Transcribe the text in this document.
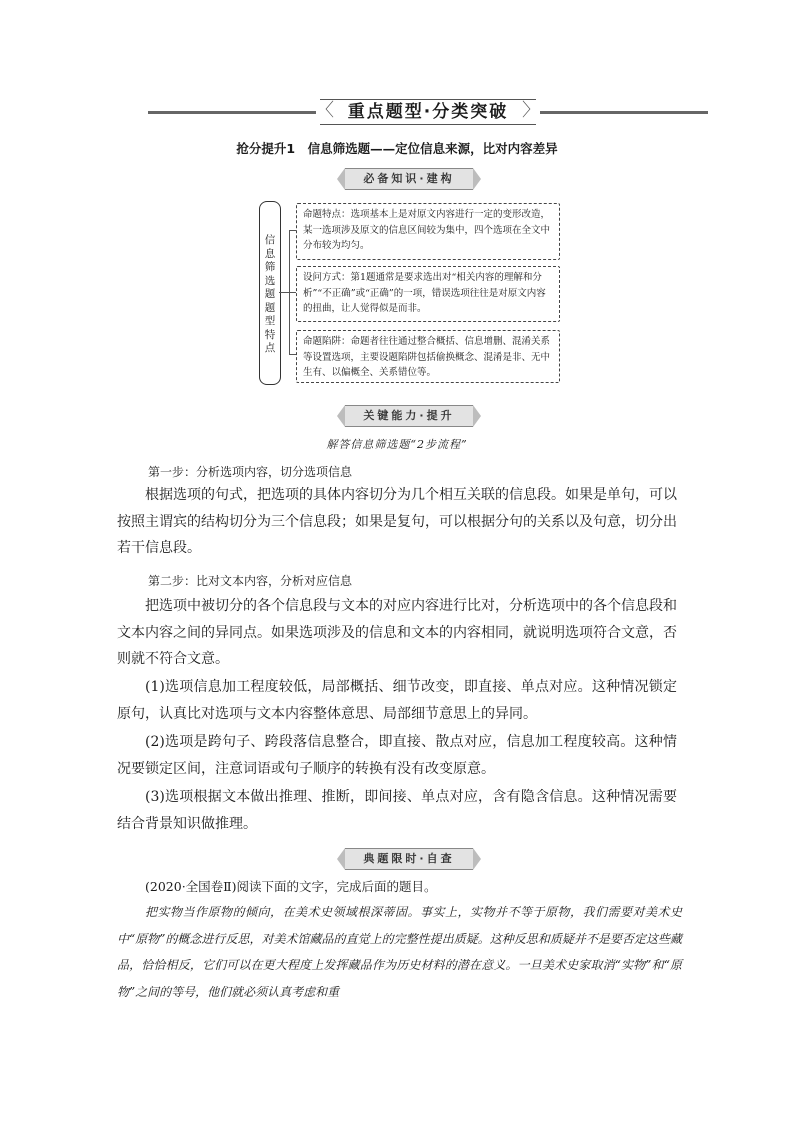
重点题型·分类突破
〈	〉
抢分提升1　信息筛选题——定位信息来源，比对内容差异
必备知识·建构
信息筛选题题型特点
命题特点：选项基本上是对原文内容进行一定的变形改造，某一选项涉及原文的信息区间较为集中，四个选项在全文中分布较为均匀。
设问方式：第1题通常是要求选出对“相关内容的理解和分析”“不正确”或“正确”的一项，错误选项往往是对原文内容的扭曲，让人觉得似是而非。
命题陷阱：命题者往往通过整合概括、信息增删、混淆关系等设置选项，主要设题陷阱包括偷换概念、混淆是非、无中生有、以偏概全、关系错位等。
关键能力·提升
解答信息筛选题“2步流程”
第一步：分析选项内容，切分选项信息
根据选项的句式，把选项的具体内容切分为几个相互关联的信息段。如果是单句，可以按照主谓宾的结构切分为三个信息段；如果是复句，可以根据分句的关系以及句意，切分出若干信息段。
第二步：比对文本内容，分析对应信息
把选项中被切分的各个信息段与文本的对应内容进行比对，分析选项中的各个信息段和文本内容之间的异同点。如果选项涉及的信息和文本的内容相同，就说明选项符合文意，否则就不符合文意。
(1)选项信息加工程度较低，局部概括、细节改变，即直接、单点对应。这种情况锁定原句，认真比对选项与文本内容整体意思、局部细节意思上的异同。
(2)选项是跨句子、跨段落信息整合，即直接、散点对应，信息加工程度较高。这种情况要锁定区间，注意词语或句子顺序的转换有没有改变原意。
(3)选项根据文本做出推理、推断，即间接、单点对应，含有隐含信息。这种情况需要结合背景知识做推理。
典题限时·自查
(2020·全国卷Ⅱ)阅读下面的文字，完成后面的题目。
把实物当作原物的倾向，在美术史领域根深蒂固。事实上，实物并不等于原物，我们需要对美术史中“原物”的概念进行反思，对美术馆藏品的直觉上的完整性提出质疑。这种反思和质疑并不是要否定这些藏品，恰恰相反，它们可以在更大程度上发挥藏品作为历史材料的潜在意义。一旦美术史家取消“实物”和“原物”之间的等号，他们就必须认真考虑和重
